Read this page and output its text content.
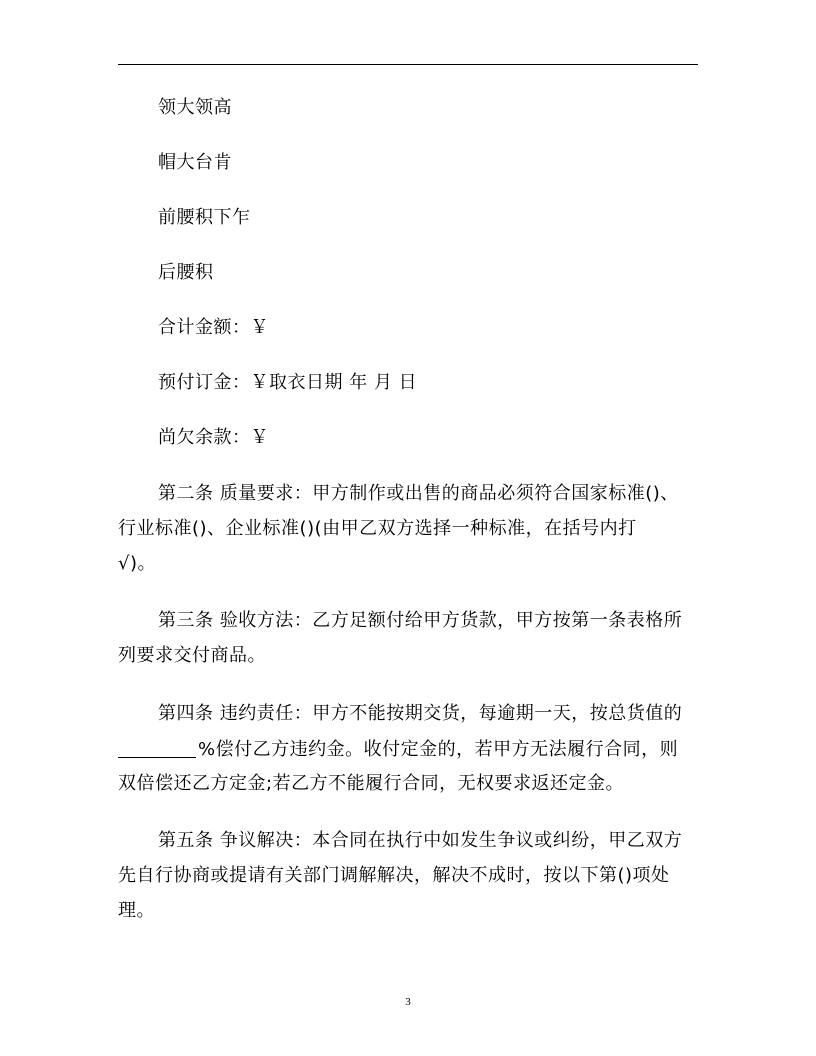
领大领高
帽大台肯
前腰积下乍
后腰积
合计金额：￥
预付订金：￥取衣日期 年 月 日
尚欠余款：￥
第二条 质量要求：甲方制作或出售的商品必须符合国家标准()、
行业标准()、企业标准()(由甲乙双方选择一种标准，在括号内打
√)。
第三条 验收方法：乙方足额付给甲方货款，甲方按第一条表格所
列要求交付商品。
第四条 违约责任：甲方不能按期交货，每逾期一天，按总货值的
%偿付乙方违约金。收付定金的，若甲方无法履行合同，则
双倍偿还乙方定金;若乙方不能履行合同，无权要求返还定金。
第五条 争议解决：本合同在执行中如发生争议或纠纷，甲乙双方
先自行协商或提请有关部门调解解决，解决不成时，按以下第()项处
理。
3
